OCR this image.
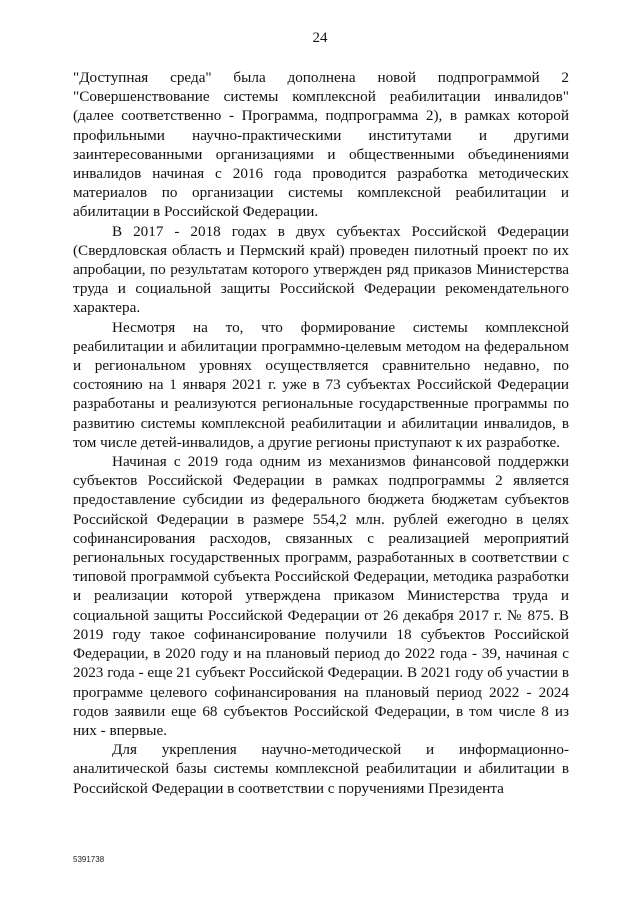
24

"Доступная среда" была дополнена новой подпрограммой 2 "Совершенствование системы комплексной реабилитации инвалидов" (далее соответственно - Программа, подпрограмма 2), в рамках которой профильными научно-практическими институтами и другими заинтересованными организациями и общественными объединениями инвалидов начиная с 2016 года проводится разработка методических материалов по организации системы комплексной реабилитации и абилитации в Российской Федерации.

В 2017 - 2018 годах в двух субъектах Российской Федерации (Свердловская область и Пермский край) проведен пилотный проект по их апробации, по результатам которого утвержден ряд приказов Министерства труда и социальной защиты Российской Федерации рекомендательного характера.

Несмотря на то, что формирование системы комплексной реабилитации и абилитации программно-целевым методом на федеральном и региональном уровнях осуществляется сравнительно недавно, по состоянию на 1 января 2021 г. уже в 73 субъектах Российской Федерации разработаны и реализуются региональные государственные программы по развитию системы комплексной реабилитации и абилитации инвалидов, в том числе детей-инвалидов, а другие регионы приступают к их разработке.

Начиная с 2019 года одним из механизмов финансовой поддержки субъектов Российской Федерации в рамках подпрограммы 2 является предоставление субсидии из федерального бюджета бюджетам субъектов Российской Федерации в размере 554,2 млн. рублей ежегодно в целях софинансирования расходов, связанных с реализацией мероприятий региональных государственных программ, разработанных в соответствии с типовой программой субъекта Российской Федерации, методика разработки и реализации которой утверждена приказом Министерства труда и социальной защиты Российской Федерации от 26 декабря 2017 г. № 875. В 2019 году такое софинансирование получили 18 субъектов Российской Федерации, в 2020 году и на плановый период до 2022 года - 39, начиная с 2023 года - еще 21 субъект Российской Федерации. В 2021 году об участии в программе целевого софинансирования на плановый период 2022 - 2024 годов заявили еще 68 субъектов Российской Федерации, в том числе 8 из них - впервые.

Для укрепления научно-методической и информационно-аналитической базы системы комплексной реабилитации и абилитации в Российской Федерации в соответствии с поручениями Президента

5391738
